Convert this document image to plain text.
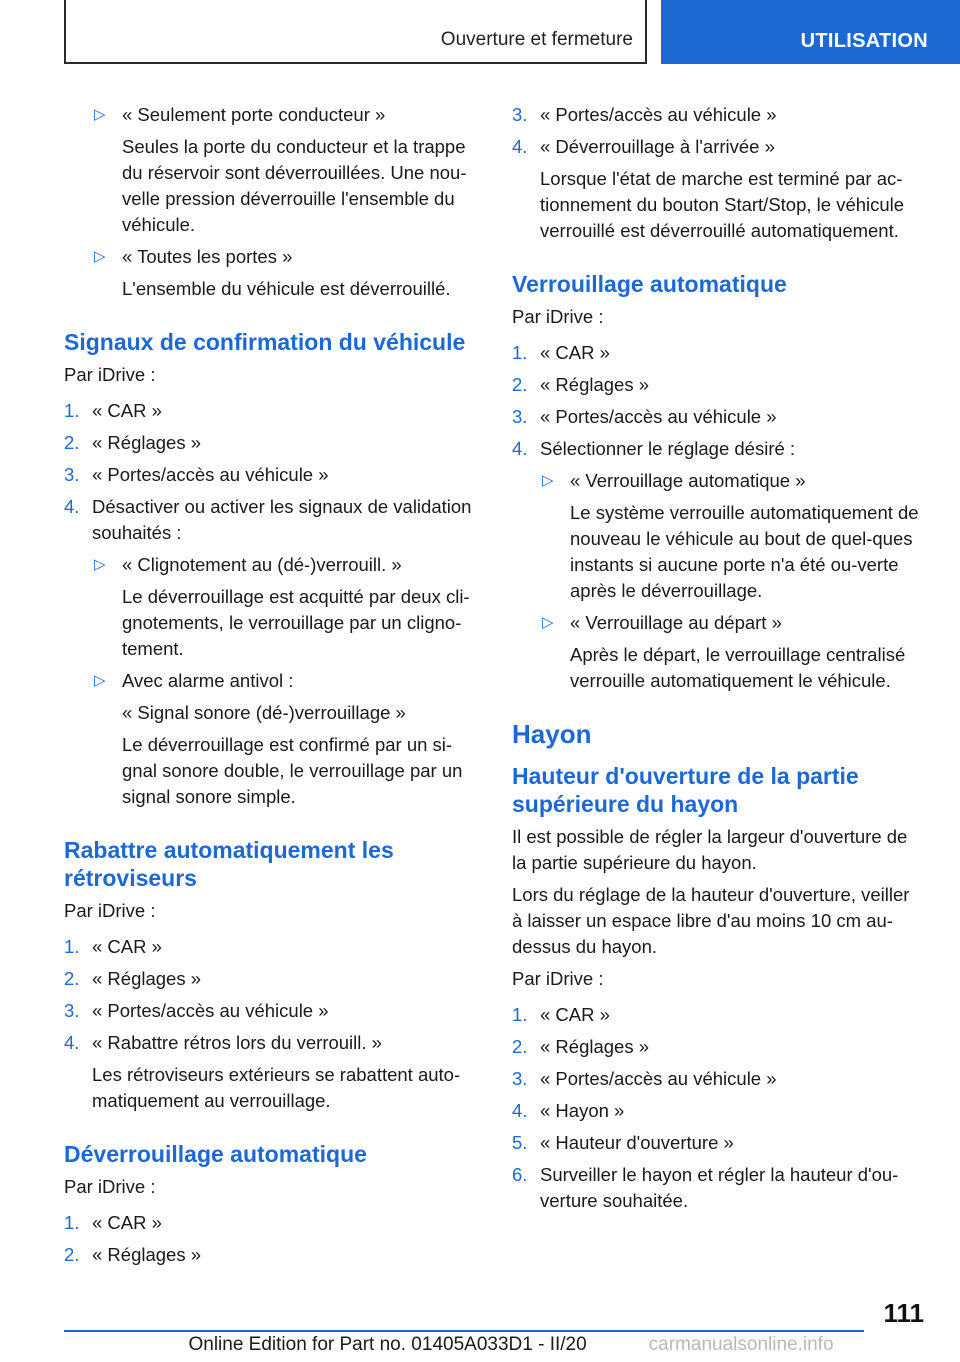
Ouverture et fermeture	UTILISATION
▷ « Seulement porte conducteur »
Seules la porte du conducteur et la trappe du réservoir sont déverrouillées. Une nou‐velle pression déverrouille l'ensemble du véhicule.
▷ « Toutes les portes »
L'ensemble du véhicule est déverrouillé.
Signaux de confirmation du véhicule
Par iDrive :
1. « CAR »
2. « Réglages »
3. « Portes/accès au véhicule »
4. Désactiver ou activer les signaux de validation souhaités :
▷ « Clignotement au (dé-)verrouill. »
Le déverrouillage est acquitté par deux cli‐gnotements, le verrouillage par un cligno‐tement.
▷ Avec alarme antivol :
« Signal sonore (dé-)verrouillage »
Le déverrouillage est confirmé par un si‐gnal sonore double, le verrouillage par un signal sonore simple.
Rabattre automatiquement les rétroviseurs
Par iDrive :
1. « CAR »
2. « Réglages »
3. « Portes/accès au véhicule »
4. « Rabattre rétros lors du verrouill. »
Les rétroviseurs extérieurs se rabattent auto‐matiquement au verrouillage.
Déverrouillage automatique
Par iDrive :
1. « CAR »
2. « Réglages »
3. « Portes/accès au véhicule »
4. « Déverrouillage à l'arrivée »
Lorsque l'état de marche est terminé par ac‐tionnement du bouton Start/Stop, le véhicule verrouillé est déverrouillé automatiquement.
Verrouillage automatique
Par iDrive :
1. « CAR »
2. « Réglages »
3. « Portes/accès au véhicule »
4. Sélectionner le réglage désiré :
▷ « Verrouillage automatique »
Le système verrouille automatiquement de nouveau le véhicule au bout de quel‐ques instants si aucune porte n'a été ou‐verte après le déverrouillage.
▷ « Verrouillage au départ »
Après le départ, le verrouillage centralisé verrouille automatiquement le véhicule.
Hayon
Hauteur d'ouverture de la partie supérieure du hayon
Il est possible de régler la largeur d'ouverture de la partie supérieure du hayon.
Lors du réglage de la hauteur d'ouverture, veiller à laisser un espace libre d'au moins 10 cm au-dessus du hayon.
Par iDrive :
1. « CAR »
2. « Réglages »
3. « Portes/accès au véhicule »
4. « Hayon »
5. « Hauteur d'ouverture »
6. Surveiller le hayon et régler la hauteur d'ou‐verture souhaitée.
111
Online Edition for Part no. 01405A033D1 - II/20	carmanualsonline.info
